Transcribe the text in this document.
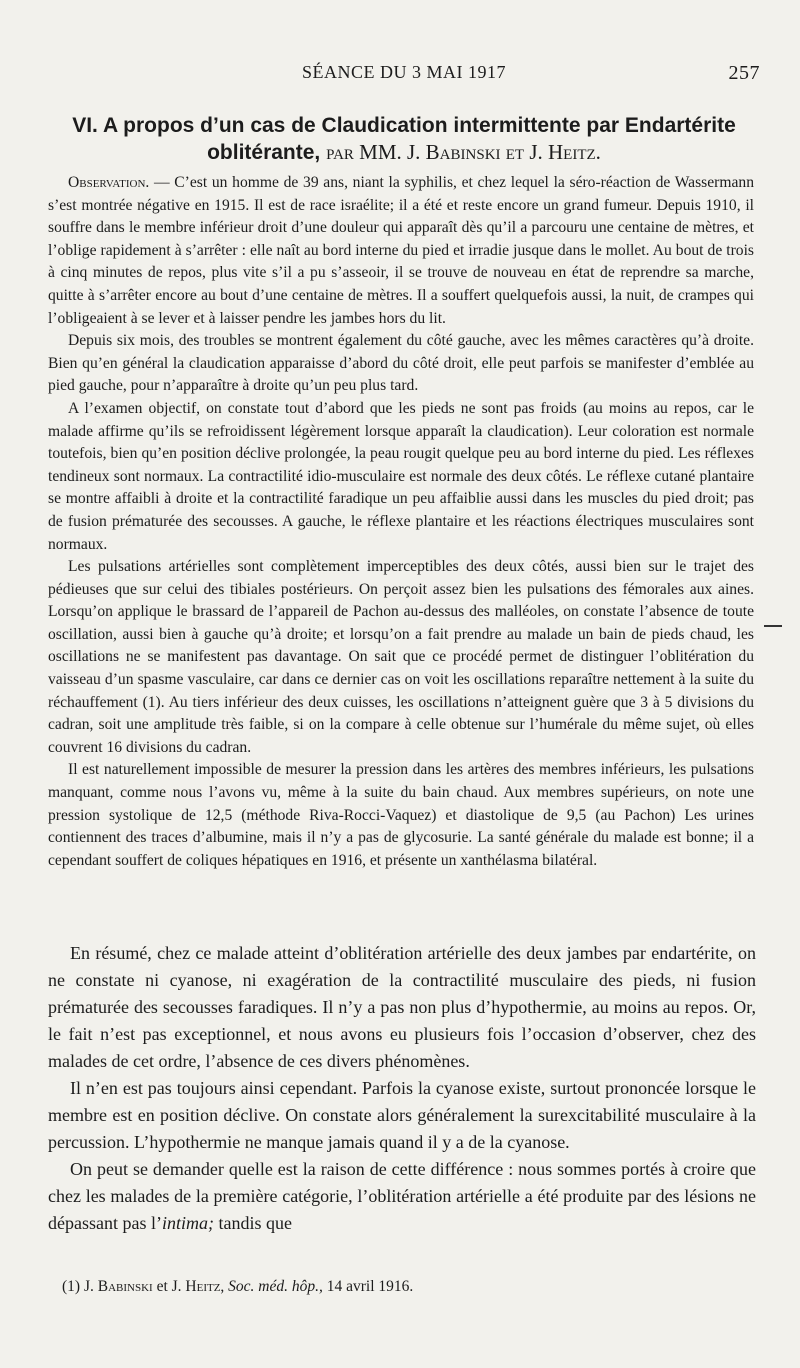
SÉANCE DU 3 MAI 1917	257
VI. A propos d’un cas de Claudication intermittente par Endartérite
oblitérante, par MM. J. Babinski et J. Heitz.

Observation. — C’est un homme de 39 ans, niant la syphilis, et chez lequel la séro-réaction de Wassermann s’est montrée négative en 1915. Il est de race israélite; il a été et reste encore un grand fumeur. Depuis 1910, il souffre dans le membre inférieur droit d’une douleur qui apparaît dès qu’il a parcouru une centaine de mètres, et l’oblige rapidement à s’arrêter : elle naît au bord interne du pied et irradie jusque dans le mollet. Au bout de trois à cinq minutes de repos, plus vite s’il a pu s’asseoir, il se trouve de nouveau en état de reprendre sa marche, quitte à s’arrêter encore au bout d’une centaine de mètres. Il a souffert quelquefois aussi, la nuit, de crampes qui l’obligeaient à se lever et à laisser pendre les jambes hors du lit.

Depuis six mois, des troubles se montrent également du côté gauche, avec les mêmes caractères qu’à droite. Bien qu’en général la claudication apparaisse d’abord du côté droit, elle peut parfois se manifester d’emblée au pied gauche, pour n’apparaître à droite qu’un peu plus tard.

A l’examen objectif, on constate tout d’abord que les pieds ne sont pas froids (au moins au repos, car le malade affirme qu’ils se refroidissent légèrement lorsque apparaît la claudication). Leur coloration est normale toutefois, bien qu’en position déclive prolongée, la peau rougit quelque peu au bord interne du pied. Les réflexes tendineux sont normaux. La contractilité idio-musculaire est normale des deux côtés. Le réflexe cutané plantaire se montre affaibli à droite et la contractilité faradique un peu affaiblie aussi dans les muscles du pied droit; pas de fusion prématurée des secousses. A gauche, le réflexe plantaire et les réactions électriques musculaires sont normaux.

Les pulsations artérielles sont complètement imperceptibles des deux côtés, aussi bien sur le trajet des pédieuses que sur celui des tibiales postérieurs. On perçoit assez bien les pulsations des fémorales aux aines. Lorsqu’on applique le brassard de l’appareil de Pachon au-dessus des malléoles, on constate l’absence de toute oscillation, aussi bien à gauche qu’à droite; et lorsqu’on a fait prendre au malade un bain de pieds chaud, les oscillations ne se manifestent pas davantage. On sait que ce procédé permet de distinguer l’oblitération du vaisseau d’un spasme vasculaire, car dans ce dernier cas on voit les oscillations reparaître nettement à la suite du réchauffement (1). Au tiers inférieur des deux cuisses, les oscillations n’atteignent guère que 3 à 5 divisions du cadran, soit une amplitude très faible, si on la compare à celle obtenue sur l’humérale du même sujet, où elles couvrent 16 divisions du cadran.

Il est naturellement impossible de mesurer la pression dans les artères des membres inférieurs, les pulsations manquant, comme nous l’avons vu, même à la suite du bain chaud. Aux membres supérieurs, on note une pression systolique de 12,5 (méthode Riva-Rocci-Vaquez) et diastolique de 9,5 (au Pachon) Les urines contiennent des traces d’albumine, mais il n’y a pas de glycosurie. La santé générale du malade est bonne; il a cependant souffert de coliques hépatiques en 1916, et présente un xanthélasma bilatéral.

En résumé, chez ce malade atteint d’oblitération artérielle des deux jambes par endartérite, on ne constate ni cyanose, ni exagération de la contractilité musculaire des pieds, ni fusion prématurée des secousses faradiques. Il n’y a pas non plus d’hypothermie, au moins au repos. Or, le fait n’est pas exceptionnel, et nous avons eu plusieurs fois l’occasion d’observer, chez des malades de cet ordre, l’absence de ces divers phénomènes.

Il n’en est pas toujours ainsi cependant. Parfois la cyanose existe, surtout prononcée lorsque le membre est en position déclive. On constate alors généralement la surexcitabilité musculaire à la percussion. L’hypothermie ne manque jamais quand il y a de la cyanose.

On peut se demander quelle est la raison de cette différence : nous sommes portés à croire que chez les malades de la première catégorie, l’oblitération artérielle a été produite par des lésions ne dépassant pas l’intima; tandis que

(1) J. Babinski et J. Heitz, Soc. méd. hôp., 14 avril 1916.
